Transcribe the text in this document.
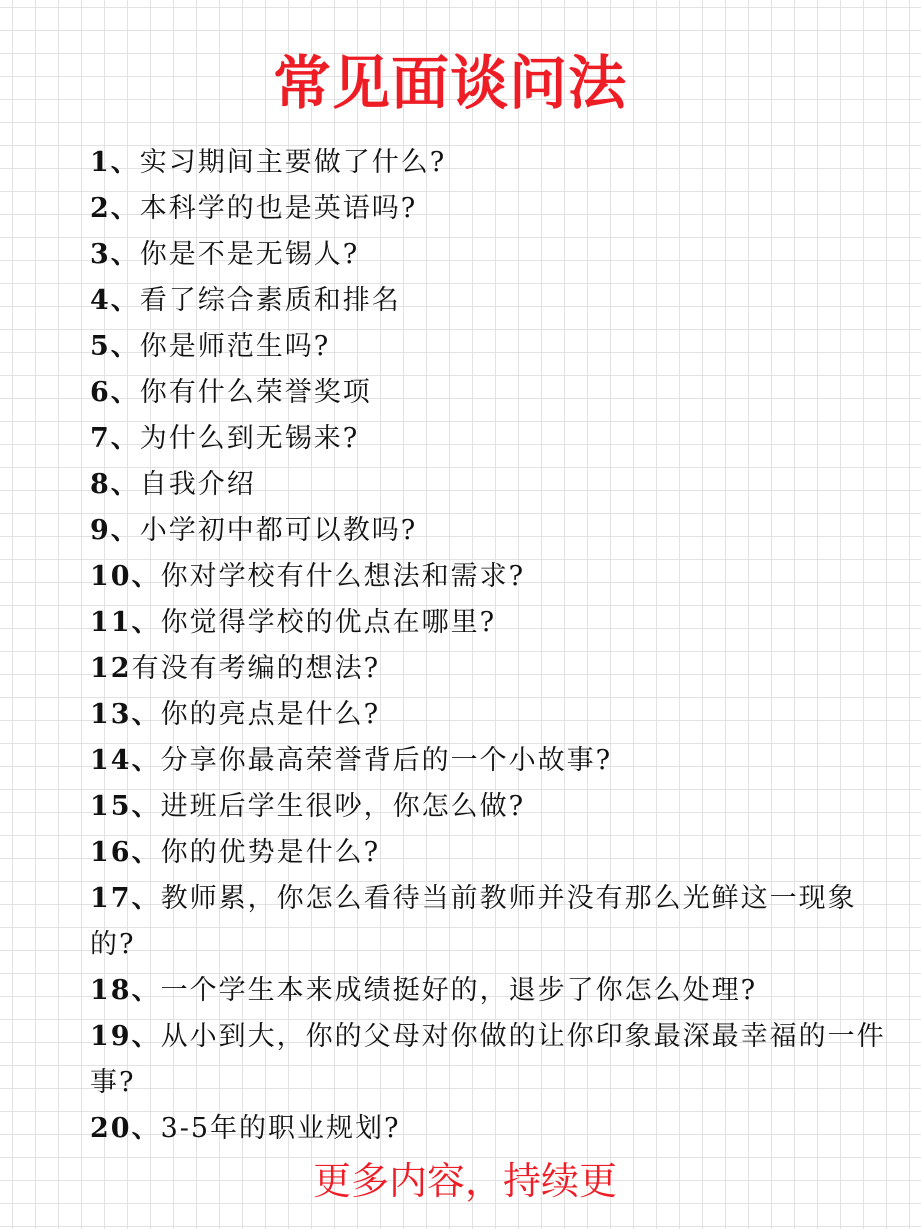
常见面谈问法
1、实习期间主要做了什么?
2、本科学的也是英语吗?
3、你是不是无锡人?
4、看了综合素质和排名
5、你是师范生吗?
6、你有什么荣誉奖项
7、为什么到无锡来?
8、自我介绍
9、小学初中都可以教吗?
10、你对学校有什么想法和需求?
11、你觉得学校的优点在哪里?
12有没有考编的想法?
13、你的亮点是什么?
14、分享你最高荣誉背后的一个小故事?
15、进班后学生很吵，你怎么做?
16、你的优势是什么?
17、教师累，你怎么看待当前教师并没有那么光鲜这一现象的?
18、一个学生本来成绩挺好的，退步了你怎么处理?
19、从小到大，你的父母对你做的让你印象最深最幸福的一件事?
20、3-5年的职业规划?
更多内容，持续更
